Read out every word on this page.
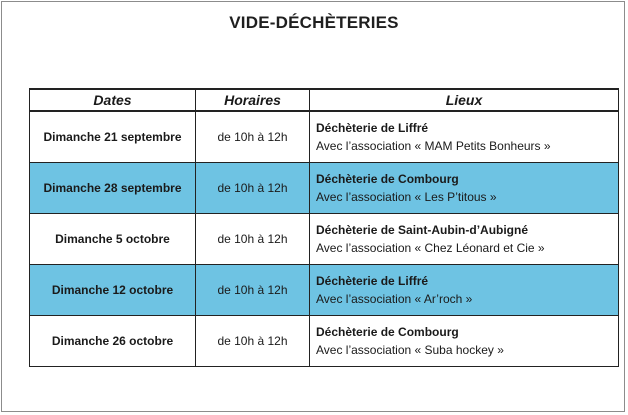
VIDE-DÉCHÈTERIES
Dates	Horaires	Lieux
Dimanche 21 septembre	de 10h à 12h	Déchèterie de Liffré
Avec l’association « MAM Petits Bonheurs »

Dimanche 28 septembre	de 10h à 12h	Déchèterie de Combourg
Avec l’association « Les P’titous »

Dimanche 5 octobre	de 10h à 12h	Déchèterie de Saint-Aubin-d’Aubigné
Avec l’association « Chez Léonard et Cie »

Dimanche 12 octobre	de 10h à 12h	Déchèterie de Liffré
Avec l’association « Ar’roch »

Dimanche 26 octobre	de 10h à 12h	Déchèterie de Combourg
Avec l’association « Suba hockey »
